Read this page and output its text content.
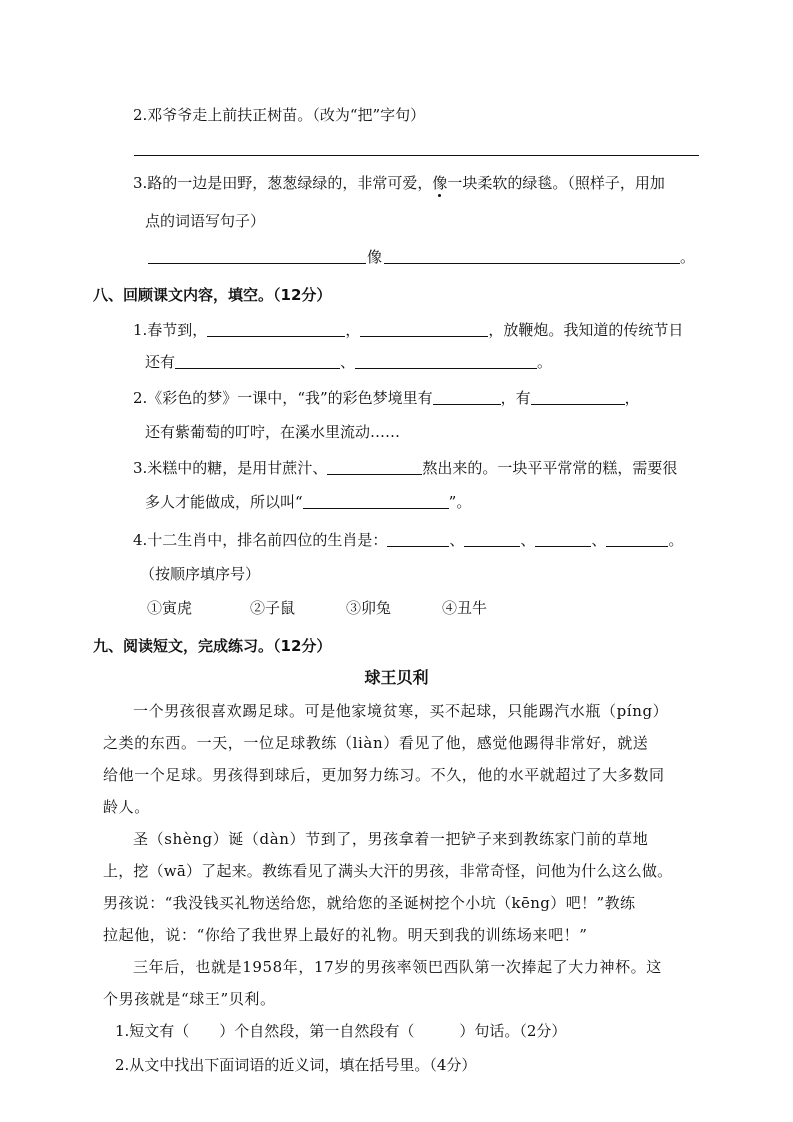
2.邓爷爷走上前扶正树苗。（改为“把”字句）
3.路的一边是田野，葱葱绿绿的，非常可爱，像一块柔软的绿毯。（照样子，用加
点的词语写句子）
像	。
八、回顾课文内容，填空。（12分）
1.春节到，	，	，放鞭炮。我知道的传统节日
还有	、	。
2.《彩色的梦》一课中，“我”的彩色梦境里有	，有	，
还有紫葡萄的叮咛，在溪水里流动……
3.米糕中的糖，是用甘蔗汁、	熬出来的。一块平平常常的糕，需要很
多人才能做成，所以叫“	”。
4.十二生肖中，排名前四位的生肖是：	、	、	、	。
（按顺序填序号）
①寅虎	②子鼠	③卯兔	④丑牛
九、阅读短文，完成练习。（12分）
球王贝利
一个男孩很喜欢踢足球。可是他家境贫寒，买不起球，只能踢汽水瓶（píng）
之类的东西。一天，一位足球教练（liàn）看见了他，感觉他踢得非常好，就送
给他一个足球。男孩得到球后，更加努力练习。不久，他的水平就超过了大多数同
龄人。
圣（shèng）诞（dàn）节到了，男孩拿着一把铲子来到教练家门前的草地
上，挖（wā）了起来。教练看见了满头大汗的男孩，非常奇怪，问他为什么这么做。
男孩说：“我没钱买礼物送给您，就给您的圣诞树挖个小坑（kēng）吧！”教练
拉起他，说：“你给了我世界上最好的礼物。明天到我的训练场来吧！”
三年后，也就是1958年，17岁的男孩率领巴西队第一次捧起了大力神杯。这
个男孩就是“球王”贝利。
1.短文有（　　）个自然段，第一自然段有（　　　）句话。（2分）
2.从文中找出下面词语的近义词，填在括号里。（4分）
